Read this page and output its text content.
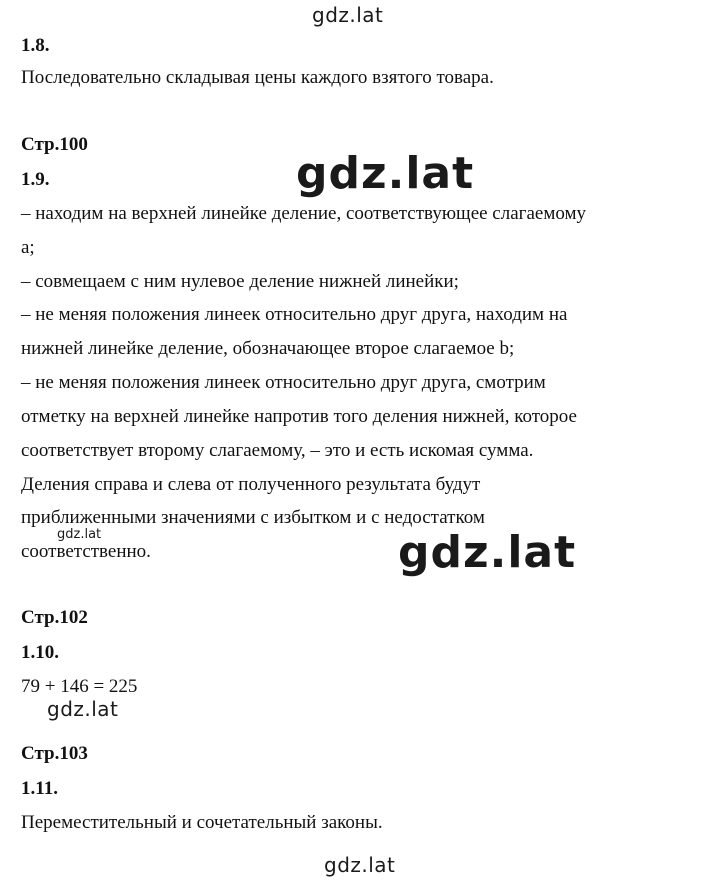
gdz.lat
gdz.lat
gdz.lat	gdz.lat
gdz.lat
gdz.lat
1.8.
Последовательно складывая цены каждого взятого товара.
Стр.100
1.9.
– находим на верхней линейке деление, соответствующее слагаемому
a;
– совмещаем с ним нулевое деление нижней линейки;
– не меняя положения линеек относительно друг друга, находим на
нижней линейке деление, обозначающее второе слагаемое b;
– не меняя положения линеек относительно друг друга, смотрим
отметку на верхней линейке напротив того деления нижней, которое
соответствует второму слагаемому, – это и есть искомая сумма.
Деления справа и слева от полученного результата будут
приближенными значениями с избытком и с недостатком
соответственно.
Стр.102
1.10.
79 + 146 = 225
Стр.103
1.11.
Переместительный и сочетательный законы.
